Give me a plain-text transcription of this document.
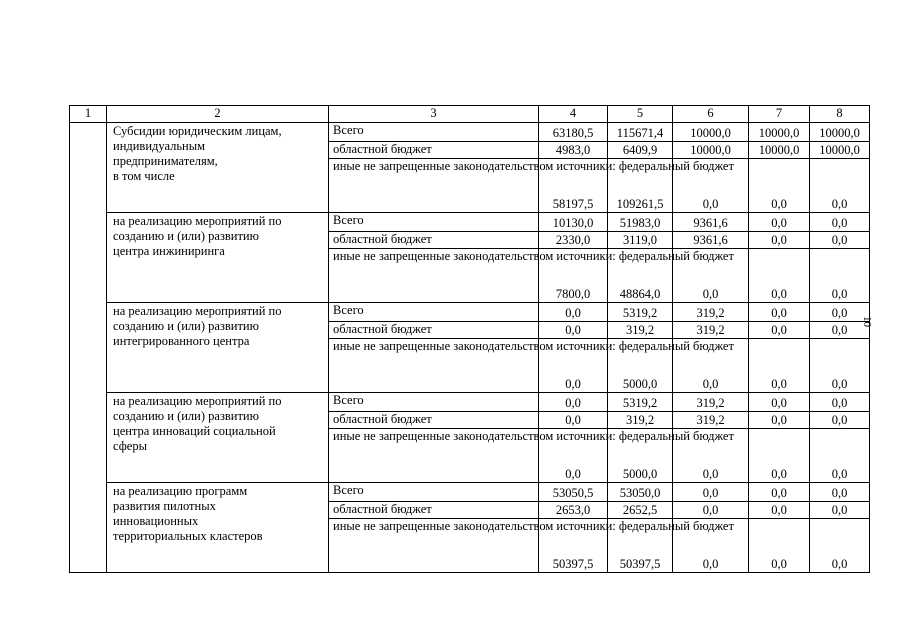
1	2	3	4	5	6	7	8
	Субсидии юридическим лицам,
индивидуальным
предпринимателям,
в том числе	Всего	63180,5	115671,4	10000,0	10000,0	10000,0
		областной бюджет	4983,0	6409,9	10000,0	10000,0	10000,0
		иные не запрещенные законодательством источники: федеральный бюджет	58197,5	109261,5	0,0	0,0	0,0
	на реализацию мероприятий по
созданию и (или) развитию
центра инжиниринга	Всего	10130,0	51983,0	9361,6	0,0	0,0
		областной бюджет	2330,0	3119,0	9361,6	0,0	0,0
		иные не запрещенные законодательством источники: федеральный бюджет	7800,0	48864,0	0,0	0,0	0,0
	на реализацию мероприятий по
созданию и (или) развитию
интегрированного центра	Всего	0,0	5319,2	319,2	0,0	0,0
		областной бюджет	0,0	319,2	319,2	0,0	0,0
		иные не запрещенные законодательством источники: федеральный бюджет	0,0	5000,0	0,0	0,0	0,0
	на реализацию мероприятий по
созданию и (или) развитию
центра инноваций социальной
сферы	Всего	0,0	5319,2	319,2	0,0	0,0
		областной бюджет	0,0	319,2	319,2	0,0	0,0
		иные не запрещенные законодательством источники: федеральный бюджет	0,0	5000,0	0,0	0,0	0,0
	на реализацию программ
развития пилотных
инновационных
территориальных кластеров	Всего	53050,5	53050,0	0,0	0,0	0,0
		областной бюджет	2653,0	2652,5	0,0	0,0	0,0
		иные не запрещенные законодательством источники: федеральный бюджет	50397,5	50397,5	0,0	0,0	0,0
10
